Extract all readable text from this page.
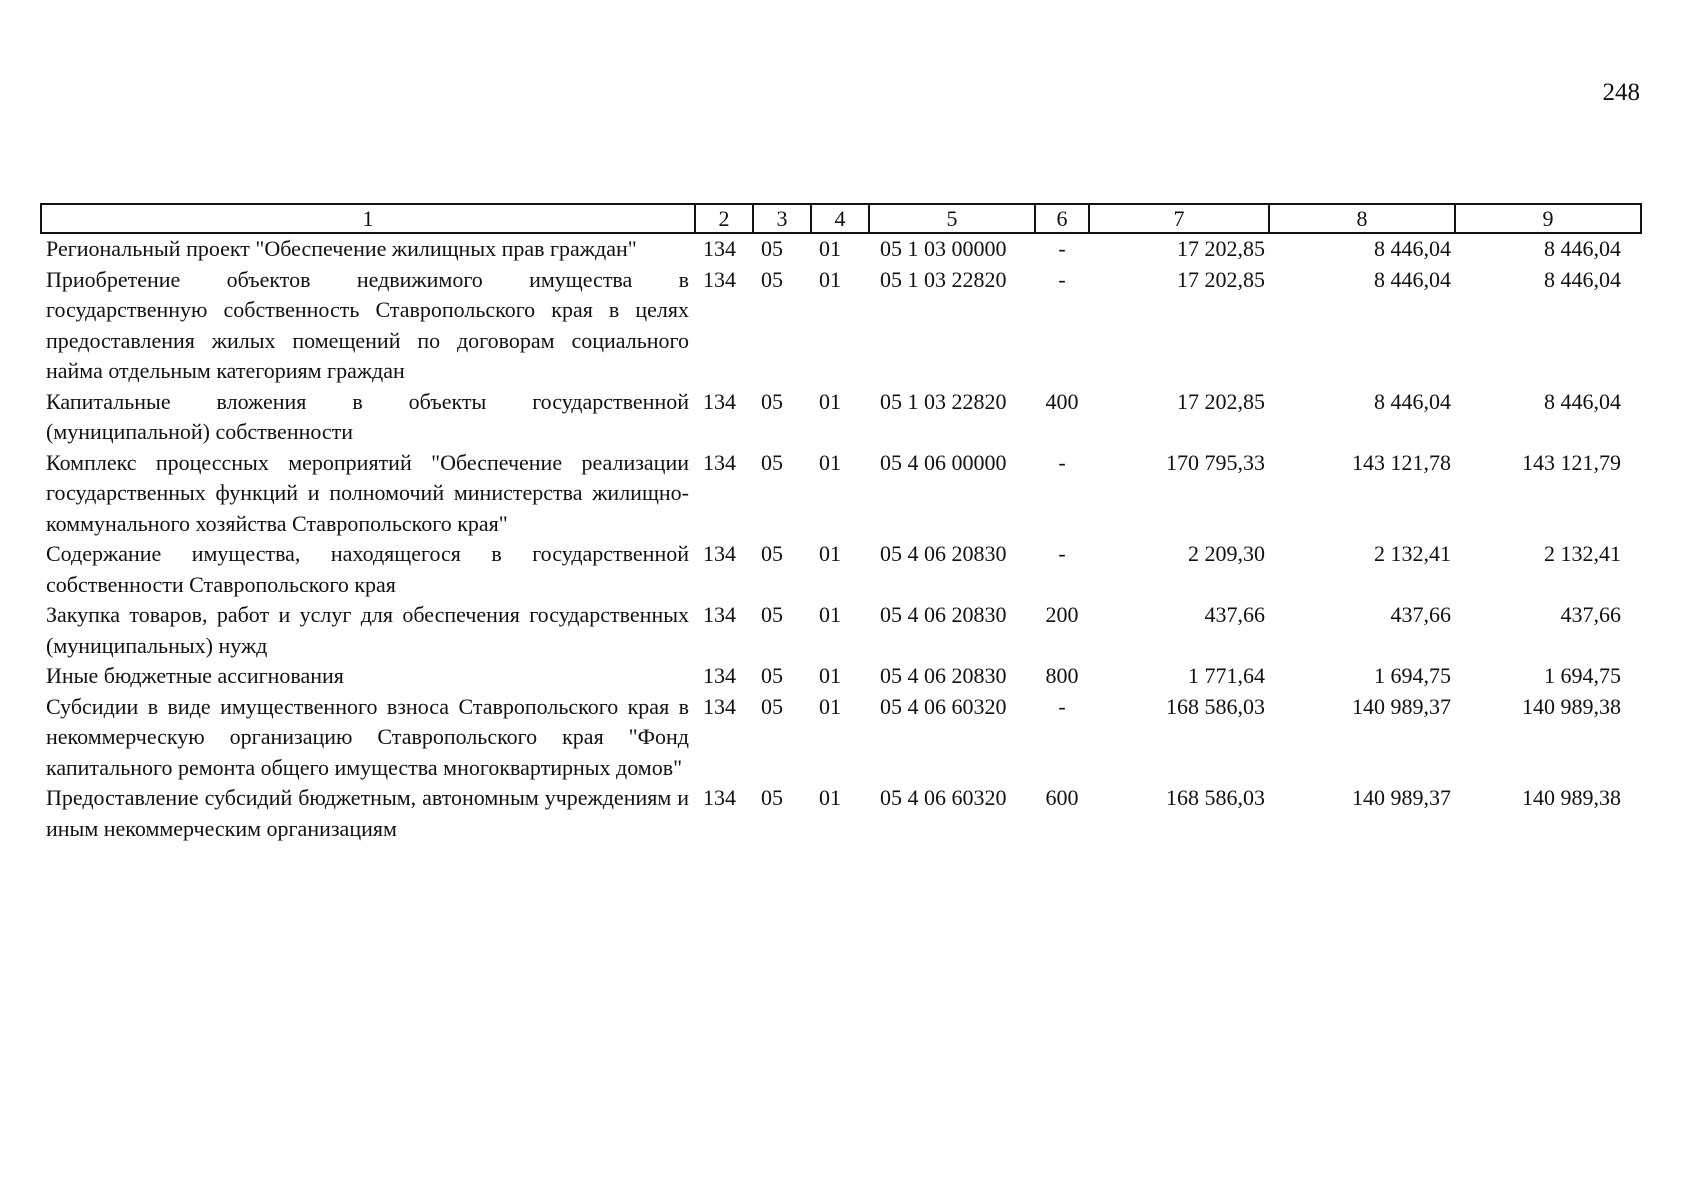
248
1	2	3	4	5	6	7	8	9
Региональный проект "Обеспечение жилищных прав граждан"	134	05	01	05 1 03 00000	-	17 202,85	8 446,04	8 446,04
Приобретение объектов недвижимого имущества в государственную собственность Ставропольского края в целях предоставления жилых помещений по договорам социального найма отдельным категориям граждан	134	05	01	05 1 03 22820	-	17 202,85	8 446,04	8 446,04
Капитальные вложения в объекты государственной (муниципальной) собственности	134	05	01	05 1 03 22820	400	17 202,85	8 446,04	8 446,04
Комплекс процессных мероприятий "Обеспечение реализации государственных функций и полномочий министерства жилищно-коммунального хозяйства Ставропольского края"	134	05	01	05 4 06 00000	-	170 795,33	143 121,78	143 121,79
Содержание имущества, находящегося в государственной собственности Ставропольского края	134	05	01	05 4 06 20830	-	2 209,30	2 132,41	2 132,41
Закупка товаров, работ и услуг для обеспечения государственных (муниципальных) нужд	134	05	01	05 4 06 20830	200	437,66	437,66	437,66
Иные бюджетные ассигнования	134	05	01	05 4 06 20830	800	1 771,64	1 694,75	1 694,75
Субсидии в виде имущественного взноса Ставропольского края в некоммерческую организацию Ставропольского края "Фонд капитального ремонта общего имущества многоквартирных домов"	134	05	01	05 4 06 60320	-	168 586,03	140 989,37	140 989,38
Предоставление субсидий бюджетным, автономным учреждениям и иным некоммерческим организациям	134	05	01	05 4 06 60320	600	168 586,03	140 989,37	140 989,38
